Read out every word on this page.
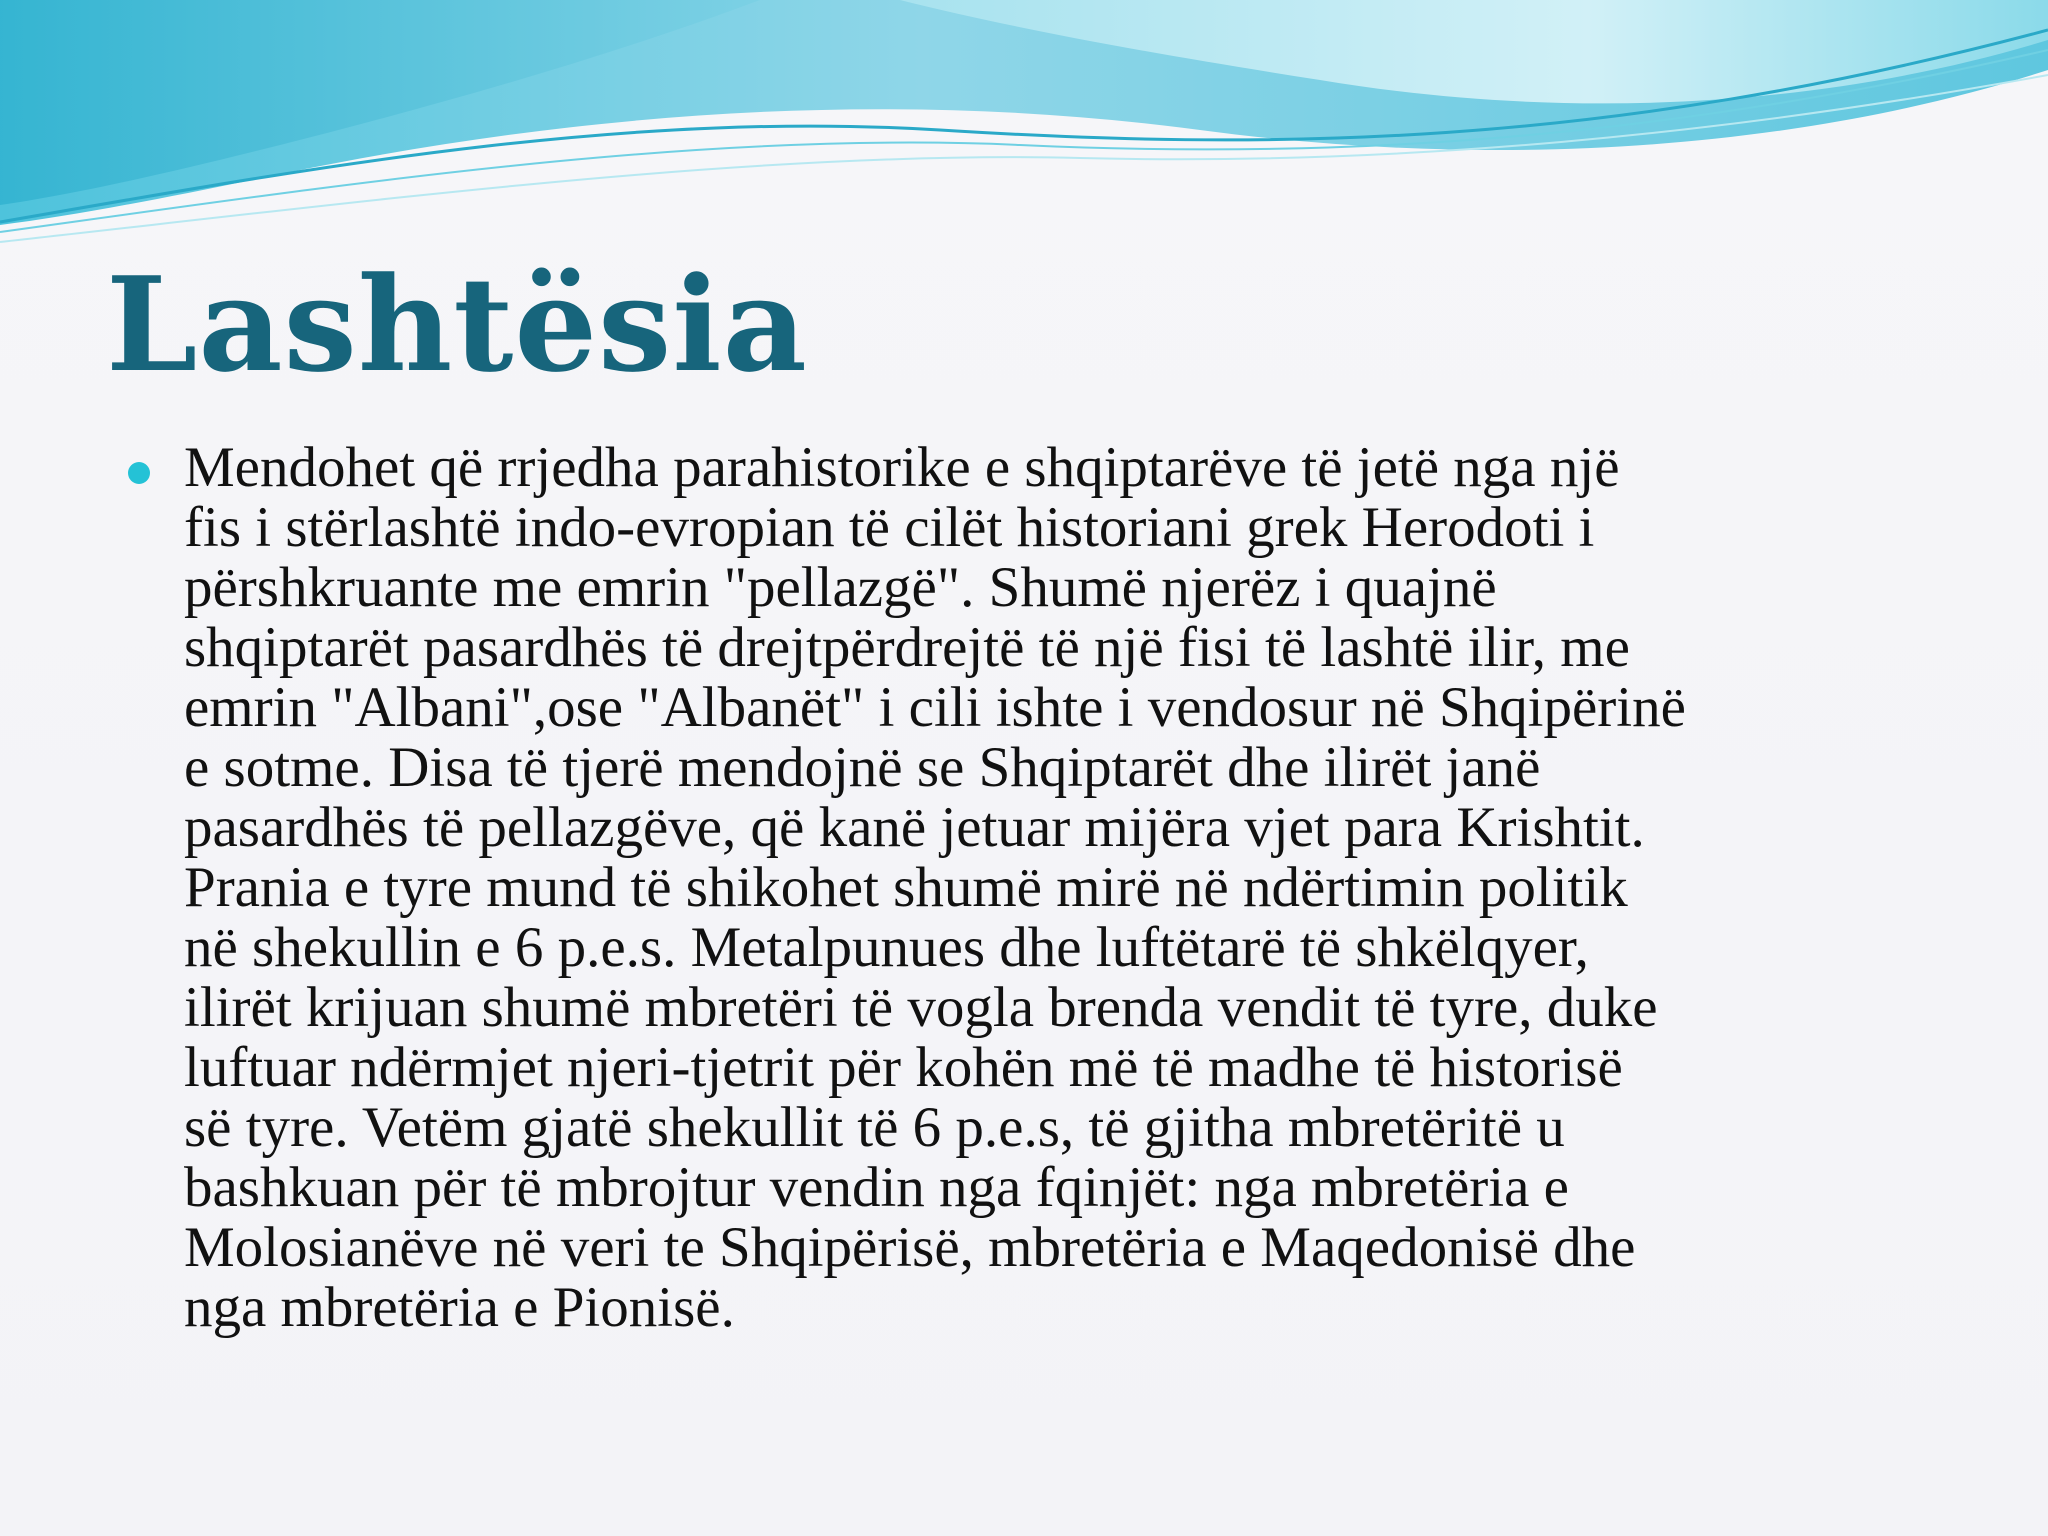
Lashtësia

Mendohet që rrjedha parahistorike e shqiptarëve të jetë nga një
fis i stërlashtë indo-evropian të cilët historiani grek Herodoti i
përshkruante me emrin "pellazgë". Shumë njerëz i quajnë
shqiptarët pasardhës të drejtpërdrejtë të një fisi të lashtë ilir, me
emrin "Albani",ose "Albanët" i cili ishte i vendosur në Shqipërinë
e sotme. Disa të tjerë mendojnë se Shqiptarët dhe ilirët janë
pasardhës të pellazgëve, që kanë jetuar mijëra vjet para Krishtit.
Prania e tyre mund të shikohet shumë mirë në ndërtimin politik
në shekullin e 6 p.e.s. Metalpunues dhe luftëtarë të shkëlqyer,
ilirët krijuan shumë mbretëri të vogla brenda vendit të tyre, duke
luftuar ndërmjet njeri-tjetrit për kohën më të madhe të historisë
së tyre. Vetëm gjatë shekullit të 6 p.e.s, të gjitha mbretëritë u
bashkuan për të mbrojtur vendin nga fqinjët: nga mbretëria e
Molosianëve në veri te Shqipërisë, mbretëria e Maqedonisë dhe
nga mbretëria e Pionisë.
